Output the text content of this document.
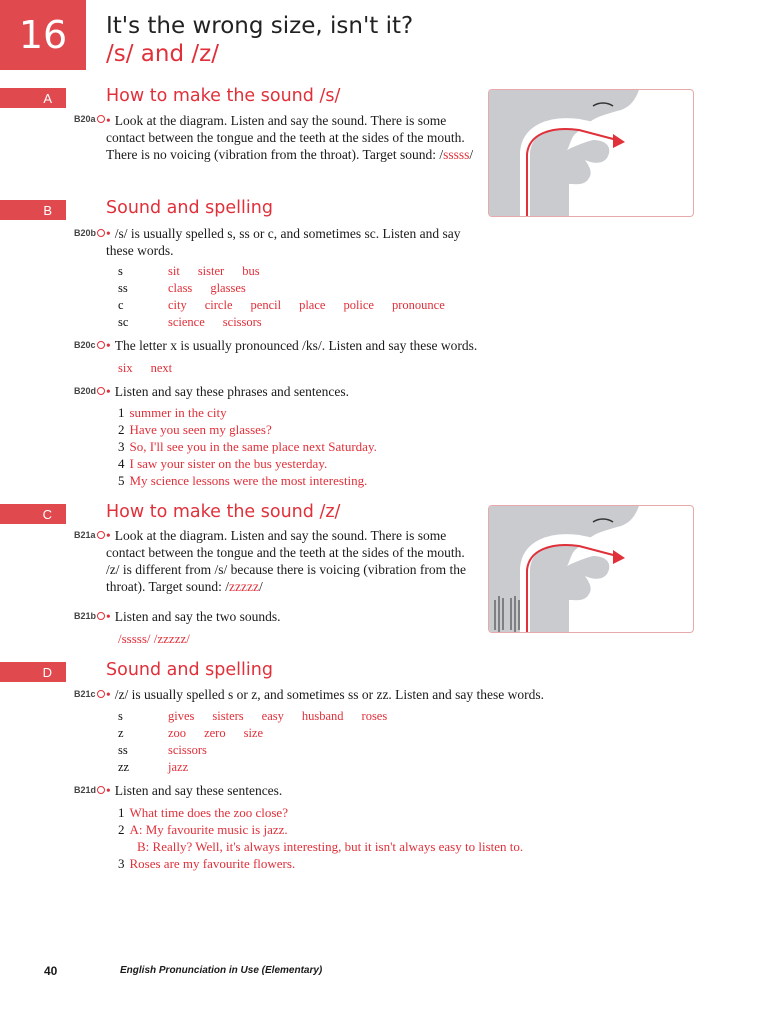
16	It's the wrong size, isn't it?
/s/ and /z/
A	How to make the sound /s/
B20a • Look at the diagram. Listen and say the sound. There is some contact between the tongue and the teeth at the sides of the mouth. There is no voicing (vibration from the throat). Target sound: /sssss/
B	Sound and spelling
B20b • /s/ is usually spelled s, ss or c, and sometimes sc. Listen and say these words.
s	sit sister bus
ss	class glasses
c	city circle pencil place police pronounce
sc	science scissors
B20c • The letter x is usually pronounced /ks/. Listen and say these words.
six next
B20d • Listen and say these phrases and sentences.
1 summer in the city
2 Have you seen my glasses?
3 So, I'll see you in the same place next Saturday.
4 I saw your sister on the bus yesterday.
5 My science lessons were the most interesting.
C	How to make the sound /z/
B21a • Look at the diagram. Listen and say the sound. There is some contact between the tongue and the teeth at the sides of the mouth. /z/ is different from /s/ because there is voicing (vibration from the throat). Target sound: /zzzzz/
B21b • Listen and say the two sounds.
/sssss/ /zzzzz/
D	Sound and spelling
B21c • /z/ is usually spelled s or z, and sometimes ss or zz. Listen and say these words.
s	gives sisters easy husband roses
z	zoo zero size
ss	scissors
zz	jazz
B21d • Listen and say these sentences.
1 What time does the zoo close?
2 A: My favourite music is jazz.
B: Really? Well, it's always interesting, but it isn't always easy to listen to.
3 Roses are my favourite flowers.
40	English Pronunciation in Use (Elementary)
